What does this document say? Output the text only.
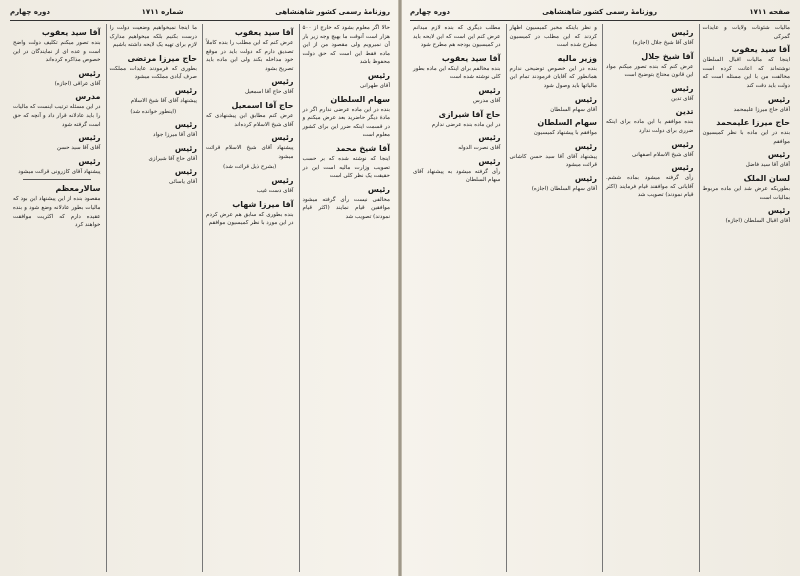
روزنامهٔ رسمی کشور شاهنشاهی
شماره ۱۷۱۱
دوره چهارم

حالا اگر معلوم بشود که خارج از ۵۰۰ هزار است آنوقت ما بهیچ وجه زیر بار آن نمیرویم ولی مقصود من از این ماده فقط این است که حق دولت محفوظ باشد

رئیس

آقای طهرانی

سهام السلطان

بنده در این ماده عرضی ندارم اگر در مادهٔ دیگر حاضرید بعد عرض میکنم و در قسمت اینکه ضرر این برای کشور معلوم است

آقا شیخ محمد

اینجا که نوشته شده که بر حسب تصویب وزارت مالیه است این در حقیقت یک نظر کلی است

رئیس

مخالفی نیست رأی گرفته میشود موافقین قیام نمایند (اکثر قیام نمودند) تصویب شد

آقا سید یعقوب

عرض کنم که این مطلب را بنده کاملاً تصدیق دارم که دولت باید در موقع خود مداخله بکند ولی این ماده باید تصریح بشود

رئیس

آقای حاج آقا اسمعیل

حاج آقا اسمعیل

عرض کنم مطابق این پیشنهادی که آقای شیخ الاسلام کرده‌اند

رئیس

پیشنهاد آقای شیخ الاسلام قرائت میشود

(بشرح ذیل قرائت شد)

رئیس

آقای دست غیب

آقا میرزا شهاب

بنده بطوری که سابق هم عرض کردم در این مورد با نظر کمیسیون موافقم

ما اینجا نمیخواهیم وضعیت دولت را درست بکنیم بلکه میخواهیم مدارک لازم برای تهیه یک لایحه داشته باشیم

حاج میرزا مرتضی

بطوری که فرمودند عایدات مملکت صرف آبادی مملکت میشود

رئیس

پیشنهاد آقای آقا شیخ الاسلام

(اینطور خوانده شد)

رئیس

آقای آقا میرزا جواد

رئیس

آقای حاج آقا شیرازی

رئیس

آقای یاسائی

آقا سید یعقوب

بنده تصور میکنم تکلیف دولت واضح است و عده ای از نمایندگان در این خصوص مذاکره کرده‌اند

رئیس

آقای عراقی (اجازه)

مدرس

در این مسئله ترتیب اینست که مالیات را باید عادلانه قرار داد و آنچه که حق است گرفته شود

رئیس

آقای آقا سید حسن

رئیس

پیشنهاد آقای کازرونی قرائت میشود

سالارمعظم

مقصود بنده از این پیشنهاد این بود که مالیات بطور عادلانه وضع شود و بنده عقیده دارم که اکثریت موافقت خواهند کرد

صفحه ۱۷۱۱
روزنامهٔ رسمی کشور شاهنشاهی
دوره چهارم

مالیات شئونات ولایات و عایدات گمرکی

آقا سید یعقوب

اینجا که مالیات اقبال السلطان نوشته‌اند که اعانت کرده است مخالفت من با این مسئله است که دولت باید دقت کند

رئیس

آقای حاج میرزا علیمحمد

حاج میرزا علیمحمد

بنده در این ماده با نظر کمیسیون موافقم

رئیس

آقای آقا سید فاضل

لسان الملک

بطوریکه عرض شد این ماده مربوط بمالیات است

رئیس

آقای اقبال السلطان (اجازه)

رئیس

آقای آقا شیخ جلال (اجازه)

آقا شیخ جلال

عرض کنم که بنده تصور میکنم مواد این قانون محتاج بتوضیح است

رئیس

آقای تدین

تدین

بنده موافقم با این ماده برای اینکه ضرری برای دولت ندارد

رئیس

آقای شیخ الاسلام اصفهانی

رئیس

رأی گرفته میشود بماده ششم. آقایانی که موافقند قیام فرمایند (اکثر قیام نمودند) تصویب شد

و نظر باینکه مخبر کمیسیون اظهار کردند که این مطلب در کمیسیون مطرح شده است

وزیر مالیه

بنده در این خصوص توضیحی ندارم همانطور که آقایان فرمودند تمام این مالیاتها باید وصول شود

رئیس

آقای سهام السلطان

سهام السلطان

موافقم با پیشنهاد کمیسیون

رئیس

پیشنهاد آقای آقا سید حسن کاشانی قرائت میشود

رئیس

آقای سهام السلطان (اجازه)

مطلب دیگری که بنده لازم میدانم عرض کنم این است که این لایحه باید در کمیسیون بودجه هم مطرح شود

آقا سید یعقوب

بنده مخالفم برای اینکه این ماده بطور کلی نوشته شده است

رئیس

آقای مدرس

حاج آقا شیرازی

در این ماده بنده عرضی ندارم

رئیس

آقای نصرت الدوله

رئیس

رأی گرفته میشود به پیشنهاد آقای سهام السلطان
